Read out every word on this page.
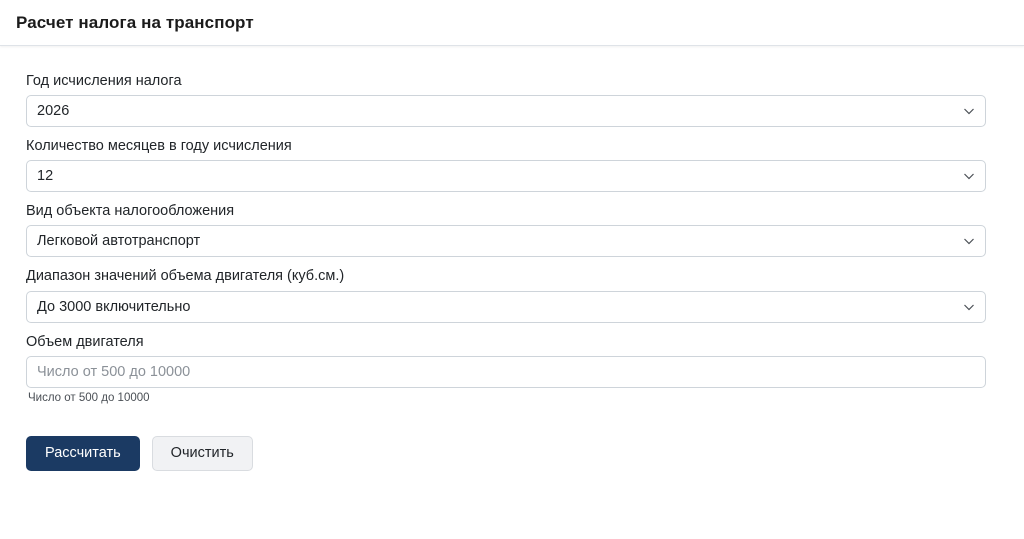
Расчет налога на транспорт
Год исчисления налога
2026
Количество месяцев в году исчисления
12
Вид объекта налогообложения
Легковой автотранспорт
Диапазон значений объема двигателя (куб.см.)
До 3000 включительно
Объем двигателя
Число от 500 до 10000
Число от 500 до 10000
Рассчитать	Очистить
